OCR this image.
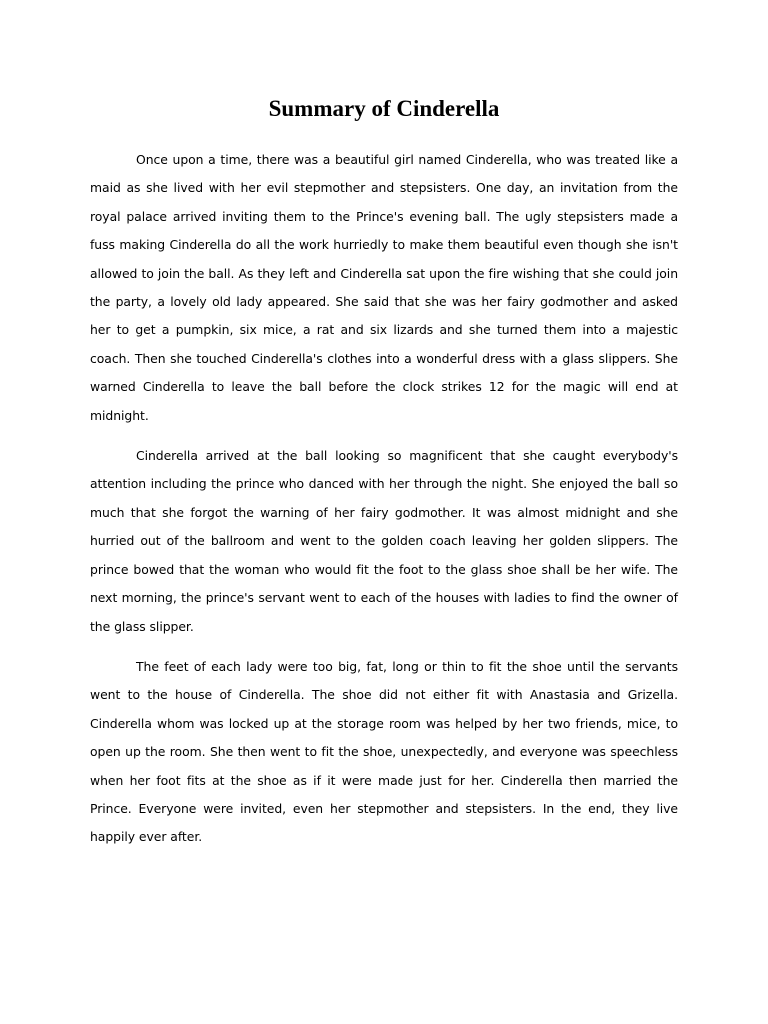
Summary of Cinderella

Once upon a time, there was a beautiful girl named Cinderella, who was treated like a maid as she lived with her evil stepmother and stepsisters. One day, an invitation from the royal palace arrived inviting them to the Prince's evening ball. The ugly stepsisters made a fuss making Cinderella do all the work hurriedly to make them beautiful even though she isn't allowed to join the ball. As they left and Cinderella sat upon the fire wishing that she could join the party, a lovely old lady appeared. She said that she was her fairy godmother and asked her to get a pumpkin, six mice, a rat and six lizards and she turned them into a majestic coach. Then she touched Cinderella's clothes into a wonderful dress with a glass slippers. She warned Cinderella to leave the ball before the clock strikes 12 for the magic will end at midnight.

Cinderella arrived at the ball looking so magnificent that she caught everybody's attention including the prince who danced with her through the night. She enjoyed the ball so much that she forgot the warning of her fairy godmother. It was almost midnight and she hurried out of the ballroom and went to the golden coach leaving her golden slippers. The prince bowed that the woman who would fit the foot to the glass shoe shall be her wife. The next morning, the prince's servant went to each of the houses with ladies to find the owner of the glass slipper.

The feet of each lady were too big, fat, long or thin to fit the shoe until the servants went to the house of Cinderella. The shoe did not either fit with Anastasia and Grizella. Cinderella whom was locked up at the storage room was helped by her two friends, mice, to open up the room. She then went to fit the shoe, unexpectedly, and everyone was speechless when her foot fits at the shoe as if it were made just for her. Cinderella then married the Prince. Everyone were invited, even her stepmother and stepsisters. In the end, they live happily ever after.
